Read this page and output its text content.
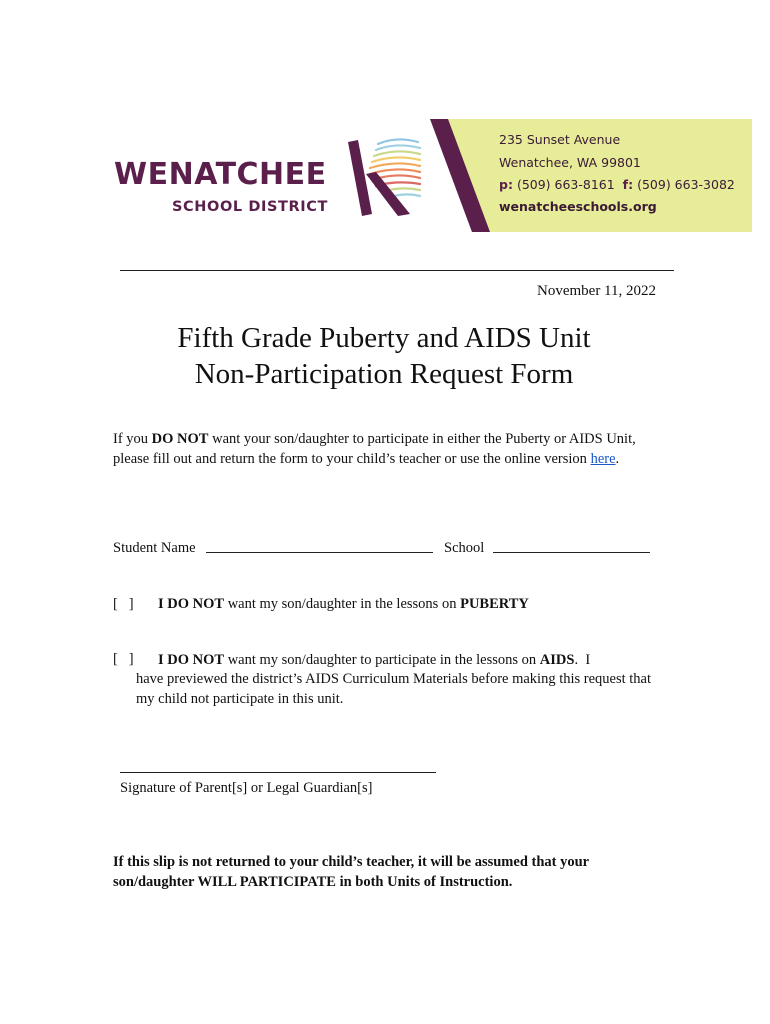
WENATCHEE
SCHOOL DISTRICT
235 Sunset Avenue
Wenatchee, WA 99801
p: (509) 663-8161 f: (509) 663-3082
wenatcheeschools.org
November 11, 2022
Fifth Grade Puberty and AIDS Unit
Non-Participation Request Form
If you DO NOT want your son/daughter to participate in either the Puberty or AIDS Unit, please fill out and return the form to your child’s teacher or use the online version here.
Student Name	School
[   ] I DO NOT want my son/daughter in the lessons on PUBERTY
[   ] I DO NOT want my son/daughter to participate in the lessons on AIDS.  I
have previewed the district’s AIDS Curriculum Materials before making this request that my child not participate in this unit.
Signature of Parent[s] or Legal Guardian[s]
If this slip is not returned to your child’s teacher, it will be assumed that your son/daughter WILL PARTICIPATE in both Units of Instruction.
